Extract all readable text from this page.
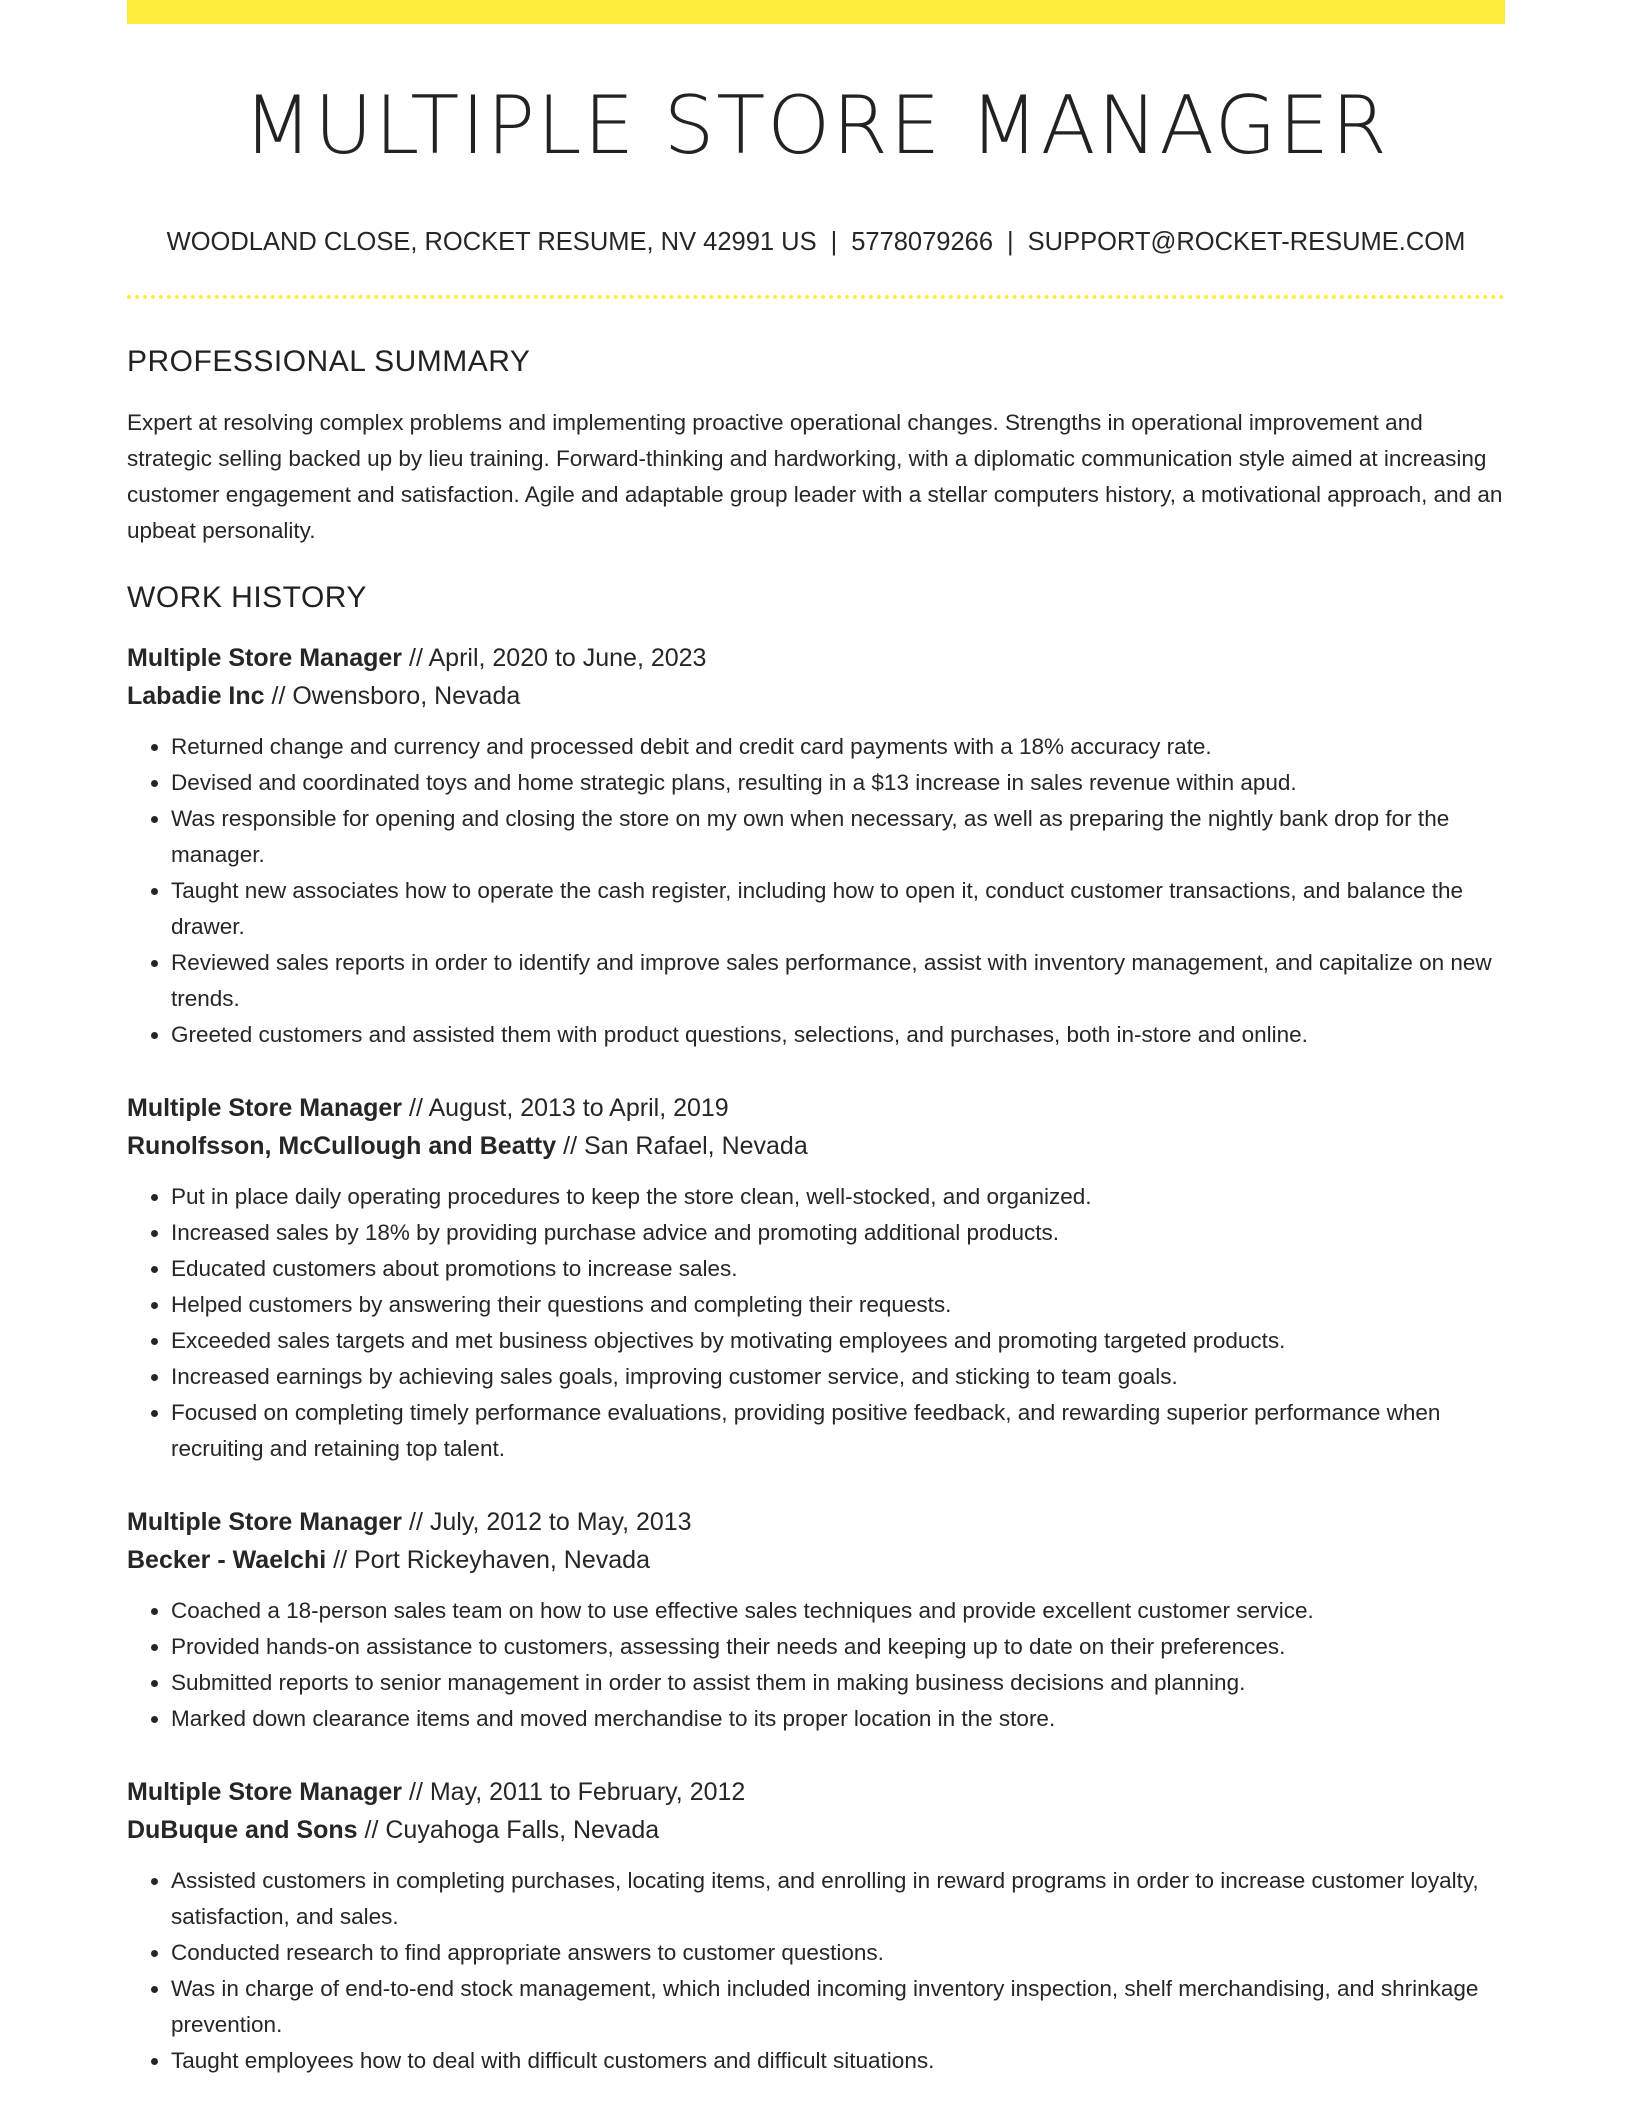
MULTIPLE STORE MANAGER
WOODLAND CLOSE, ROCKET RESUME, NV 42991 US | 5778079266 | SUPPORT@ROCKET-RESUME.COM
PROFESSIONAL SUMMARY

Expert at resolving complex problems and implementing proactive operational changes. Strengths in operational improvement and strategic selling backed up by lieu training. Forward-thinking and hardworking, with a diplomatic communication style aimed at increasing customer engagement and satisfaction. Agile and adaptable group leader with a stellar computers history, a motivational approach, and an upbeat personality.

WORK HISTORY
Multiple Store Manager // April, 2020 to June, 2023
Labadie Inc // Owensboro, Nevada
• Returned change and currency and processed debit and credit card payments with a 18% accuracy rate.
• Devised and coordinated toys and home strategic plans, resulting in a $13 increase in sales revenue within apud.
• Was responsible for opening and closing the store on my own when necessary, as well as preparing the nightly bank drop for the manager.
• Taught new associates how to operate the cash register, including how to open it, conduct customer transactions, and balance the drawer.
• Reviewed sales reports in order to identify and improve sales performance, assist with inventory management, and capitalize on new trends.
• Greeted customers and assisted them with product questions, selections, and purchases, both in-store and online.
Multiple Store Manager // August, 2013 to April, 2019
Runolfsson, McCullough and Beatty // San Rafael, Nevada
• Put in place daily operating procedures to keep the store clean, well-stocked, and organized.
• Increased sales by 18% by providing purchase advice and promoting additional products.
• Educated customers about promotions to increase sales.
• Helped customers by answering their questions and completing their requests.
• Exceeded sales targets and met business objectives by motivating employees and promoting targeted products.
• Increased earnings by achieving sales goals, improving customer service, and sticking to team goals.
• Focused on completing timely performance evaluations, providing positive feedback, and rewarding superior performance when recruiting and retaining top talent.
Multiple Store Manager // July, 2012 to May, 2013
Becker - Waelchi // Port Rickeyhaven, Nevada
• Coached a 18-person sales team on how to use effective sales techniques and provide excellent customer service.
• Provided hands-on assistance to customers, assessing their needs and keeping up to date on their preferences.
• Submitted reports to senior management in order to assist them in making business decisions and planning.
• Marked down clearance items and moved merchandise to its proper location in the store.
Multiple Store Manager // May, 2011 to February, 2012
DuBuque and Sons // Cuyahoga Falls, Nevada
• Assisted customers in completing purchases, locating items, and enrolling in reward programs in order to increase customer loyalty, satisfaction, and sales.
• Conducted research to find appropriate answers to customer questions.
• Was in charge of end-to-end stock management, which included incoming inventory inspection, shelf merchandising, and shrinkage prevention.
• Taught employees how to deal with difficult customers and difficult situations.
